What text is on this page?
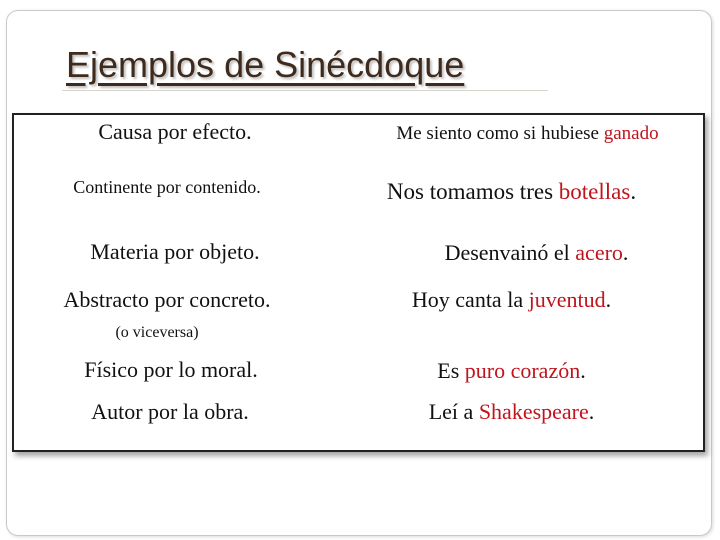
Ejemplos de Sinécdoque
Causa por efecto.
Continente por contenido.
Materia por objeto.
Abstracto por concreto.
(o viceversa)
Físico por lo moral.
Autor por la obra.
Me siento como si hubiese ganado
Nos tomamos tres botellas.
Desenvainó el acero.
Hoy canta la juventud.
Es puro corazón.
Leí a Shakespeare.
